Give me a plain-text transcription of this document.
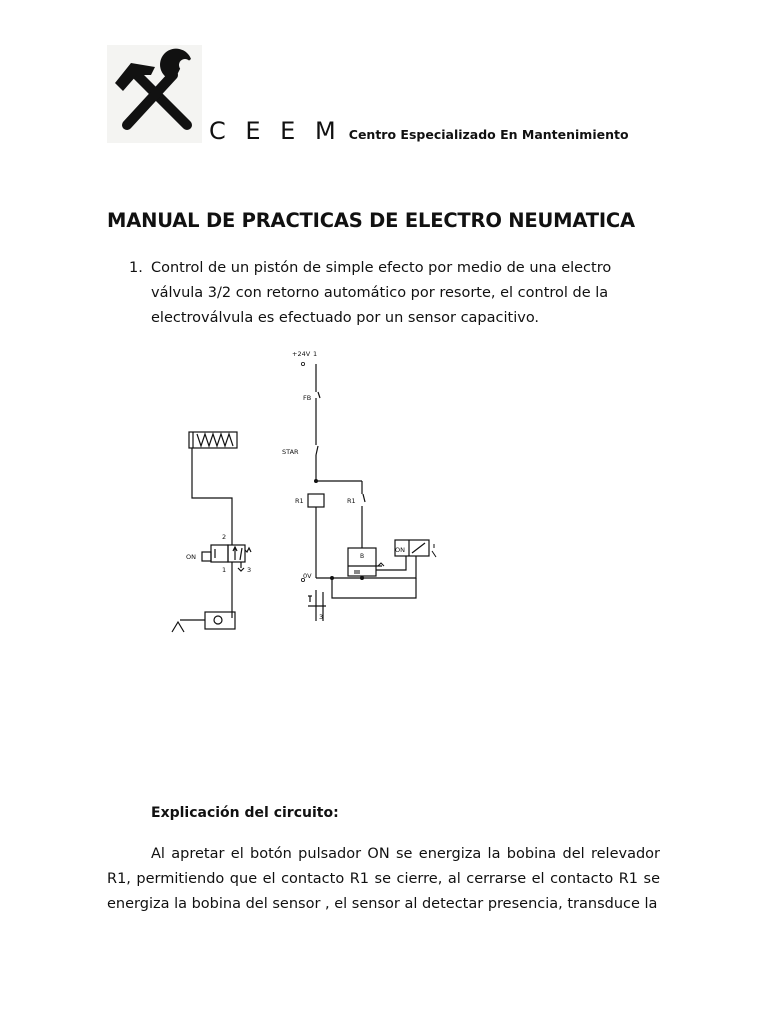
C E E M Centro Especializado En Mantenimiento
MANUAL DE PRACTICAS DE ELECTRO NEUMATICA
1. Control de un pistón de simple efecto por medio de una electro válvula 3/2 con retorno automático por resorte, el control de la electroválvula es efectuado por un sensor capacitivo.
B
+24V 1
FB
STAR
R1	R1
ON
0V
3
ON
2
1	3
Explicación del circuito:

Al apretar el botón pulsador ON se energiza la bobina del relevador R1, permitiendo que el contacto R1 se cierre, al cerrarse el contacto R1 se energiza la bobina del sensor , el sensor al detectar presencia, transduce la
